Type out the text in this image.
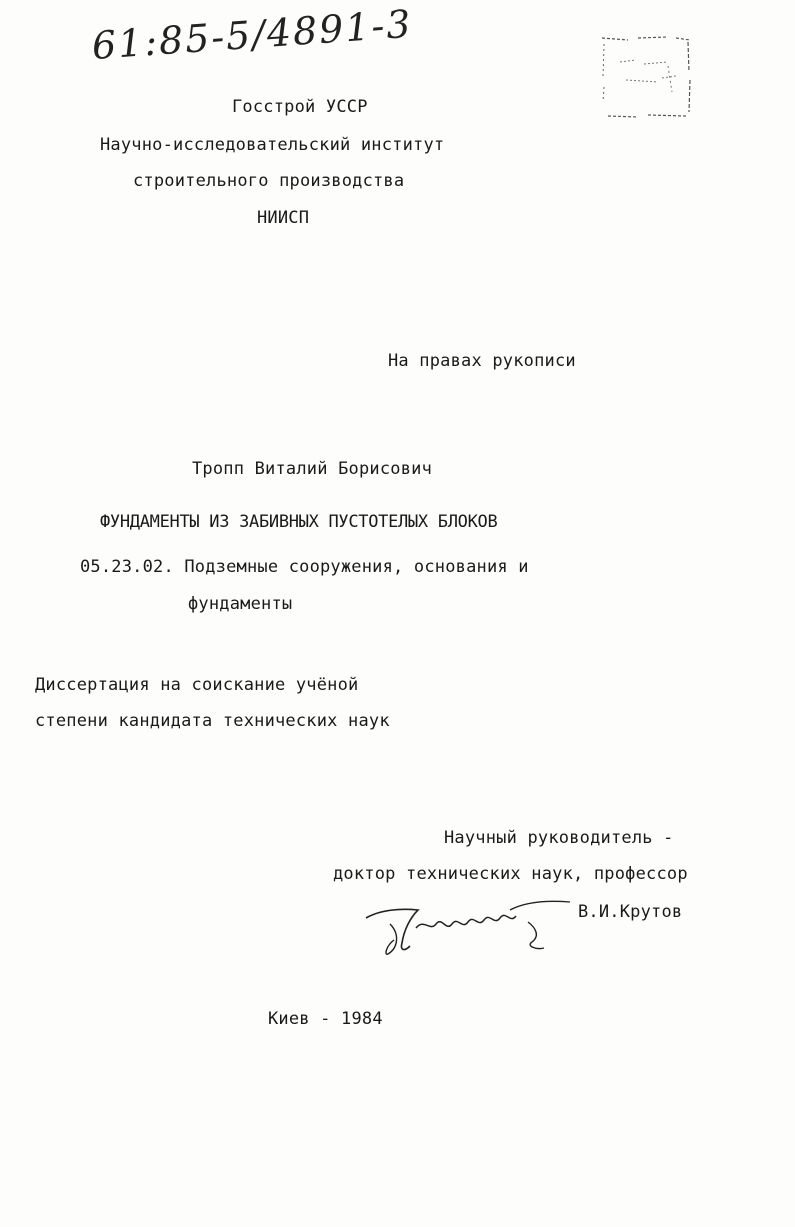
61:85-5/4891-3
Госстрой УССР
Научно-исследовательский институт
строительного производства
НИИСП
На правах рукописи
Тропп Виталий Борисович
ФУНДАМЕНТЫ ИЗ ЗАБИВНЫХ ПУСТОТЕЛЫХ БЛОКОВ
05.23.02. Подземные сооружения, основания и
фундаменты
Диссертация на соискание учёной
степени кандидата технических наук
Научный руководитель -
доктор технических наук, профессор
В.И.Крутов
Киев - 1984
